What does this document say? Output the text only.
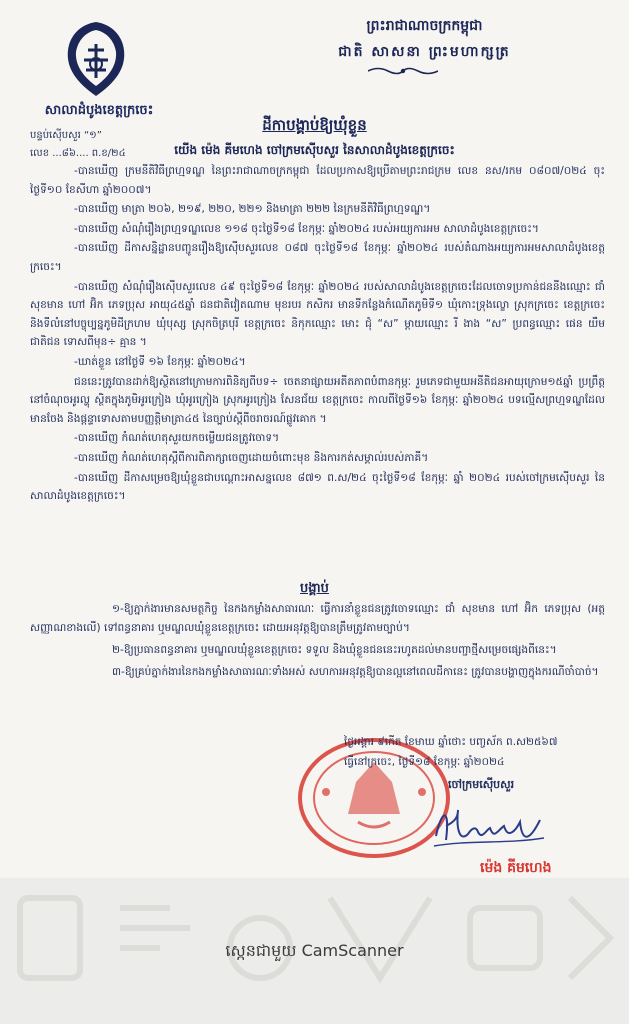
សាលាដំបូងខេត្តក្រចេះ
បន្ទប់ស៊ើបសួរ “១”
លេខ ...៨៦.... ព.ខ/២៤
ព្រះរាជាណាចក្រកម្ពុជា
ជាតិ សាសនា ព្រះមហាក្សត្រ
ដីកាបង្គាប់ឱ្យឃុំខ្លួន
យើង ម៉េង គីមហេង ចៅក្រមស៊ើបសួរ នៃសាលាដំបូងខេត្តក្រចេះ

-បានឃើញ ក្រមនីតិវិធីព្រហ្មទណ្ឌ នៃព្រះរាជាណាចក្រកម្ពុជា ដែលប្រកាសឱ្យប្រើតាមព្រះរាជក្រម លេខ នស/រកម ០៨០៧/០២៤ ចុះថ្ងៃទី១០ ខែសីហា ឆ្នាំ២០០៧។

-បានឃើញ មាត្រា ២០៦, ២១៩, ២២០, ២២១ និងមាត្រា ២២២ នៃក្រមនីតិវិធីព្រហ្មទណ្ឌ។

-បានឃើញ សំណុំរឿងព្រហ្មទណ្ឌលេខ ១១៨ ចុះថ្ងៃទី១៨ ខែកុម្ភៈ ឆ្នាំ២០២៤ របស់អយ្យការអម សាលាដំបូងខេត្តក្រចេះ។

-បានឃើញ ដីកាសន្និដ្ឋានបញ្ជូនរឿងឱ្យស៊ើបសួរលេខ ០៨៧ ចុះថ្ងៃទី១៨ ខែកុម្ភៈ ឆ្នាំ២០២៤ របស់តំណាងអយ្យការអមសាលាដំបូងខេត្តក្រចេះ។

-បានឃើញ សំណុំរឿងស៊ើបសួរលេខ ៤៩ ចុះថ្ងៃទី១៨ ខែកុម្ភៈ ឆ្នាំ២០២៤ របស់សាលាដំបូងខេត្តក្រចេះដែលចោទប្រកាន់ជននីងឈ្មោះ ជាំ សុខមាន ហៅ អ៊ិក ភេទប្រុស អាយុ៤៥ឆ្នាំ ជនជាតិវៀតណាម មុខរបរ កសិករ មានទីកន្លែងកំណើតភូមិទី១ ឃុំកោះទ្រុងល្ខោ ស្រុកក្រចេះ ខេត្តក្រចេះ និងទីលំនៅបច្ចុប្បន្នភូមិដីក្រហម ឃុំបុស្ស ស្រុកចិត្របុរី ខេត្តក្រចេះ និកុកឈ្មោះ មោះ ជុំ “ស” ម្តាយឈ្មោះ រី ងាង “ស” ប្រពន្ធឈ្មោះ ផេន យឹម ជាតិជន ទោសពីមុន÷ គ្មាន ។

-ឃាត់ខ្លួន នៅថ្ងៃទី ១៦ ខែកុម្ភៈ ឆ្នាំ២០២៤។

ជននេះត្រូវបានដាក់ឱ្យស្ថិតនៅក្រោមការពិនិត្យពីបទ÷ ចេតនាផ្សាយអតីតភាពបំពានកុម្ភៈ រួមភេទជាមួយអនីតិជនអាយុក្រោម១៥ឆ្នាំ ប្រព្រឹត្តនៅចំណុចអូរល្ហុ ស្ថិតក្នុងភូមិអូរក្រៀង ឃុំអូរក្រៀង ស្រុកអូរក្រៀង សែនជ័យ ខេត្តក្រចេះ កាលពីថ្ងៃទី១៦ ខែកុម្ភៈ ឆ្នាំ២០២៤ បទល្មើសព្រហ្មទណ្ឌដែលមានចែង និងផ្តន្ទាទោសតាមបញ្ញត្តិមាត្រា៤៥ នៃច្បាប់ស្តីពីចរាចរណ៍ផ្លូវគោក ។

-បានឃើញ កំណត់ហេតុសួរយកចម្លើយជនត្រូវចោទ។

-បានឃើញ កំណត់ហេតុស្តីពីការពិភាក្សាចេញដោយចំពោះមុខ និងការកត់សម្គាល់របស់ភាគី។

-បានឃើញ ដីកាសម្រេចឱ្យឃុំខ្លួនជាបណ្តោះអាសន្នលេខ ៨៧១ ព.ស/២៤ ចុះថ្ងៃទី១៨ ខែកុម្ភៈ ឆ្នាំ ២០២៤ របស់ចៅក្រមស៊ើបសួរ នៃសាលាដំបូងខេត្តក្រចេះ។

បង្គាប់

១-ឱ្យភ្នាក់ងារមានសមត្ថកិច្ច នៃកងកម្លាំងសាធារណៈ ធ្វើការនាំខ្លួនជនត្រូវចោទឈ្មោះ ជាំ សុខមាន ហៅ អ៊ិក ភេទប្រុស (អត្តសញ្ញាណខាងលើ) ទៅពន្ធនាគារ ឬមណ្ឌលឃុំខ្លួនខេត្តក្រចេះ ដោយអនុវត្តឱ្យបានត្រឹមត្រូវតាមច្បាប់។

២-ឱ្យប្រធានពន្ធនាគារ ឬមណ្ឌលឃុំខ្លួនខេត្តក្រចេះ ទទួល និងឃុំខ្លួនជននេះរហូតដល់មានបញ្ជាថ្មីសម្រេចផ្សេងពីនេះ។

៣-ឱ្យគ្រប់ភ្នាក់ងារនៃកងកម្លាំងសាធារណៈទាំងអស់ សហការអនុវត្តឱ្យបានល្អនៅពេលដីកានេះ ត្រូវបានបង្ហាញក្នុងករណីចាំបាច់។

ថ្ងៃអង្គារ ៩កើត ខែមាឃ ឆ្នាំថោះ បញ្ចស័ក ព.ស២៥៦៧
ធ្វើនៅក្រចេះ, ថ្ងៃទី១៨ ខែកុម្ភៈ ឆ្នាំ២០២៤
ចៅក្រមស៊ើបសួរ
ម៉េង គីមហេង
ស្កេនជាមួយ CamScanner
